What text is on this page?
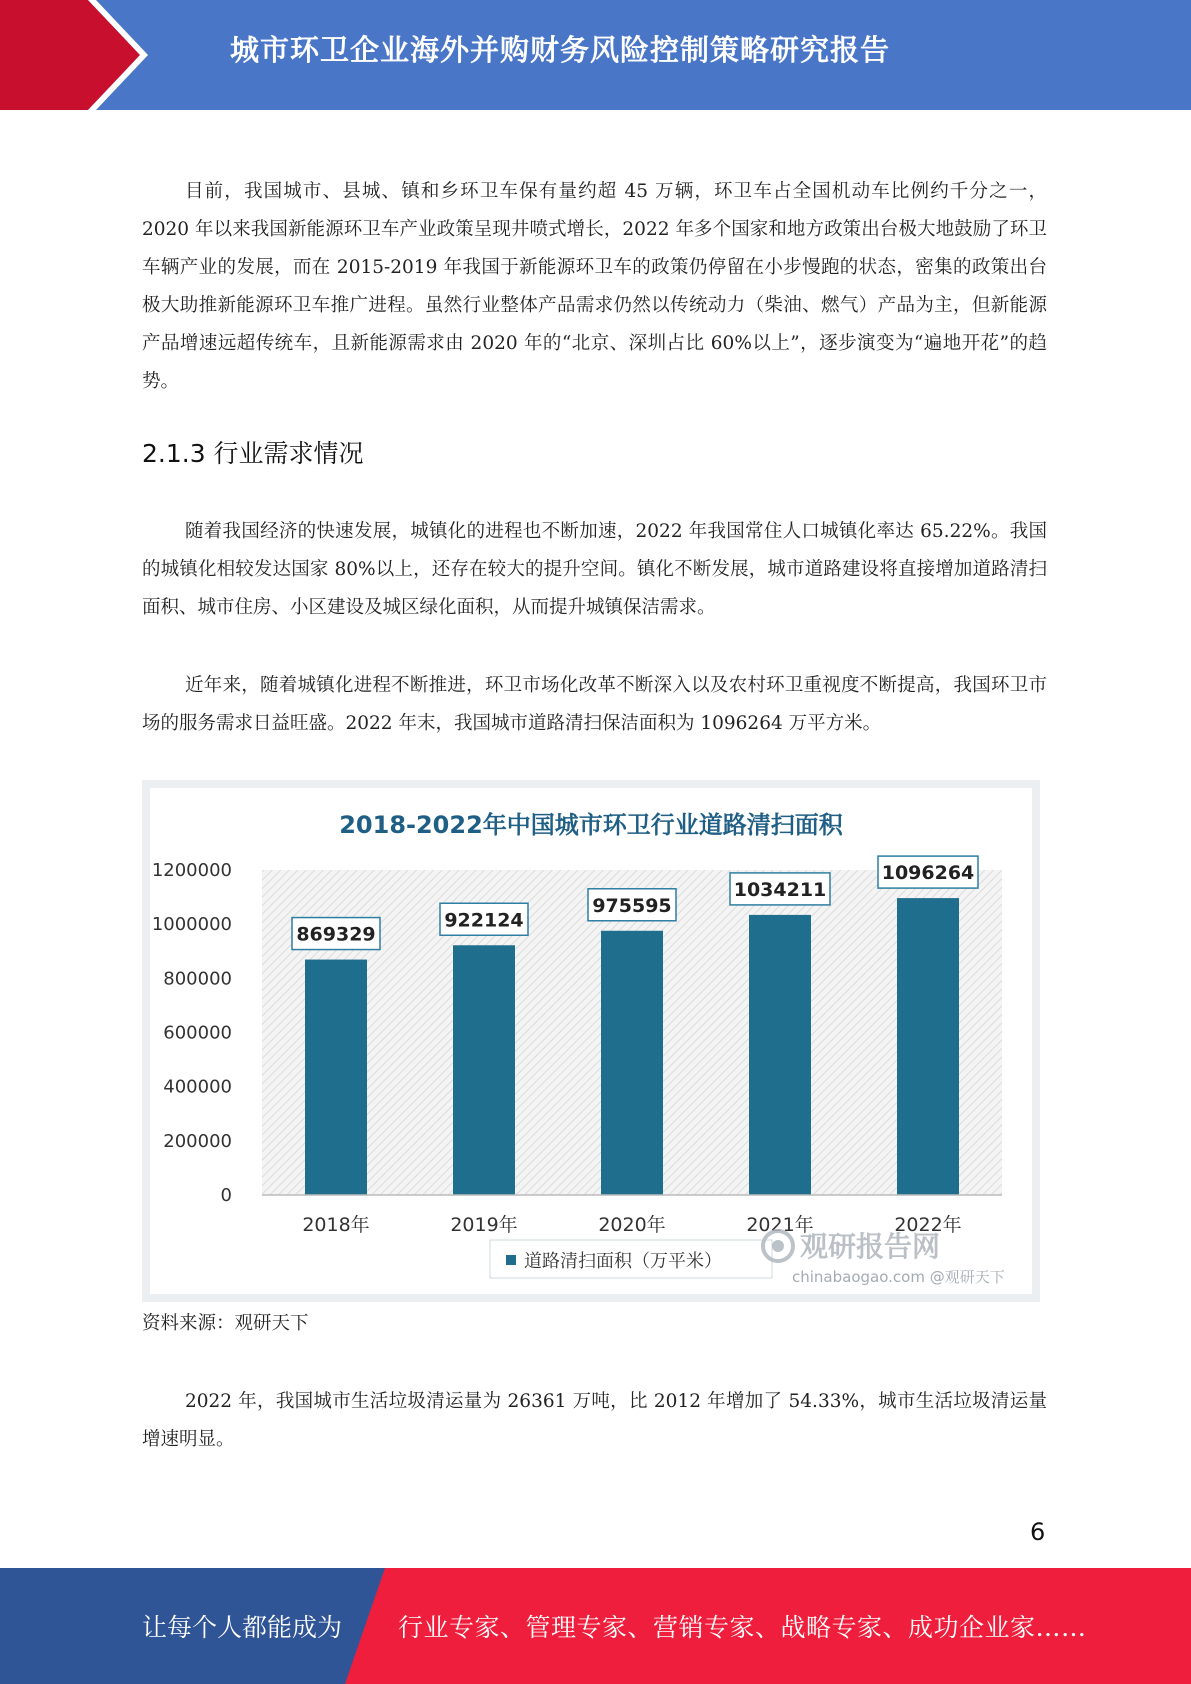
城市环卫企业海外并购财务风险控制策略研究报告

目前，我国城市、县城、镇和乡环卫车保有量约超 45 万辆，环卫车占全国机动车比例约千分之一， 2020 年以来我国新能源环卫车产业政策呈现井喷式增长，2022 年多个国家和地方政策出台极大地鼓励了环卫车辆产业的发展，而在 2015-2019 年我国于新能源环卫车的政策仍停留在小步慢跑的状态，密集的政策出台极大助推新能源环卫车推广进程。虽然行业整体产品需求仍然以传统动力（柴油、燃气）产品为主，但新能源产品增速远超传统车，且新能源需求由 2020 年的“北京、深圳占比 60%以上”，逐步演变为“遍地开花”的趋势。

2.1.3 行业需求情况

随着我国经济的快速发展，城镇化的进程也不断加速，2022 年我国常住人口城镇化率达 65.22%。我国的城镇化相较发达国家 80%以上，还存在较大的提升空间。镇化不断发展，城市道路建设将直接增加道路清扫面积、城市住房、小区建设及城区绿化面积，从而提升城镇保洁需求。

近年来，随着城镇化进程不断推进，环卫市场化改革不断深入以及农村环卫重视度不断提高，我国环卫市场的服务需求日益旺盛。2022 年末，我国城市道路清扫保洁面积为 1096264 万平方米。

2018-2022年中国城市环卫行业道路清扫面积
0
200000
400000
600000
800000
1000000
1200000
869329
922124
975595
1034211
1096264
2018年	2019年	2020年	2021年	2022年
道路清扫面积（万平米）	观研报告网
chinabaogao.com @观研天下
资料来源：观研天下

2022 年，我国城市生活垃圾清运量为 26361 万吨，比 2012 年增加了 54.33%，城市生活垃圾清运量增速明显。

6
让每个人都能成为 行业专家、管理专家、营销专家、战略专家、成功企业家……
